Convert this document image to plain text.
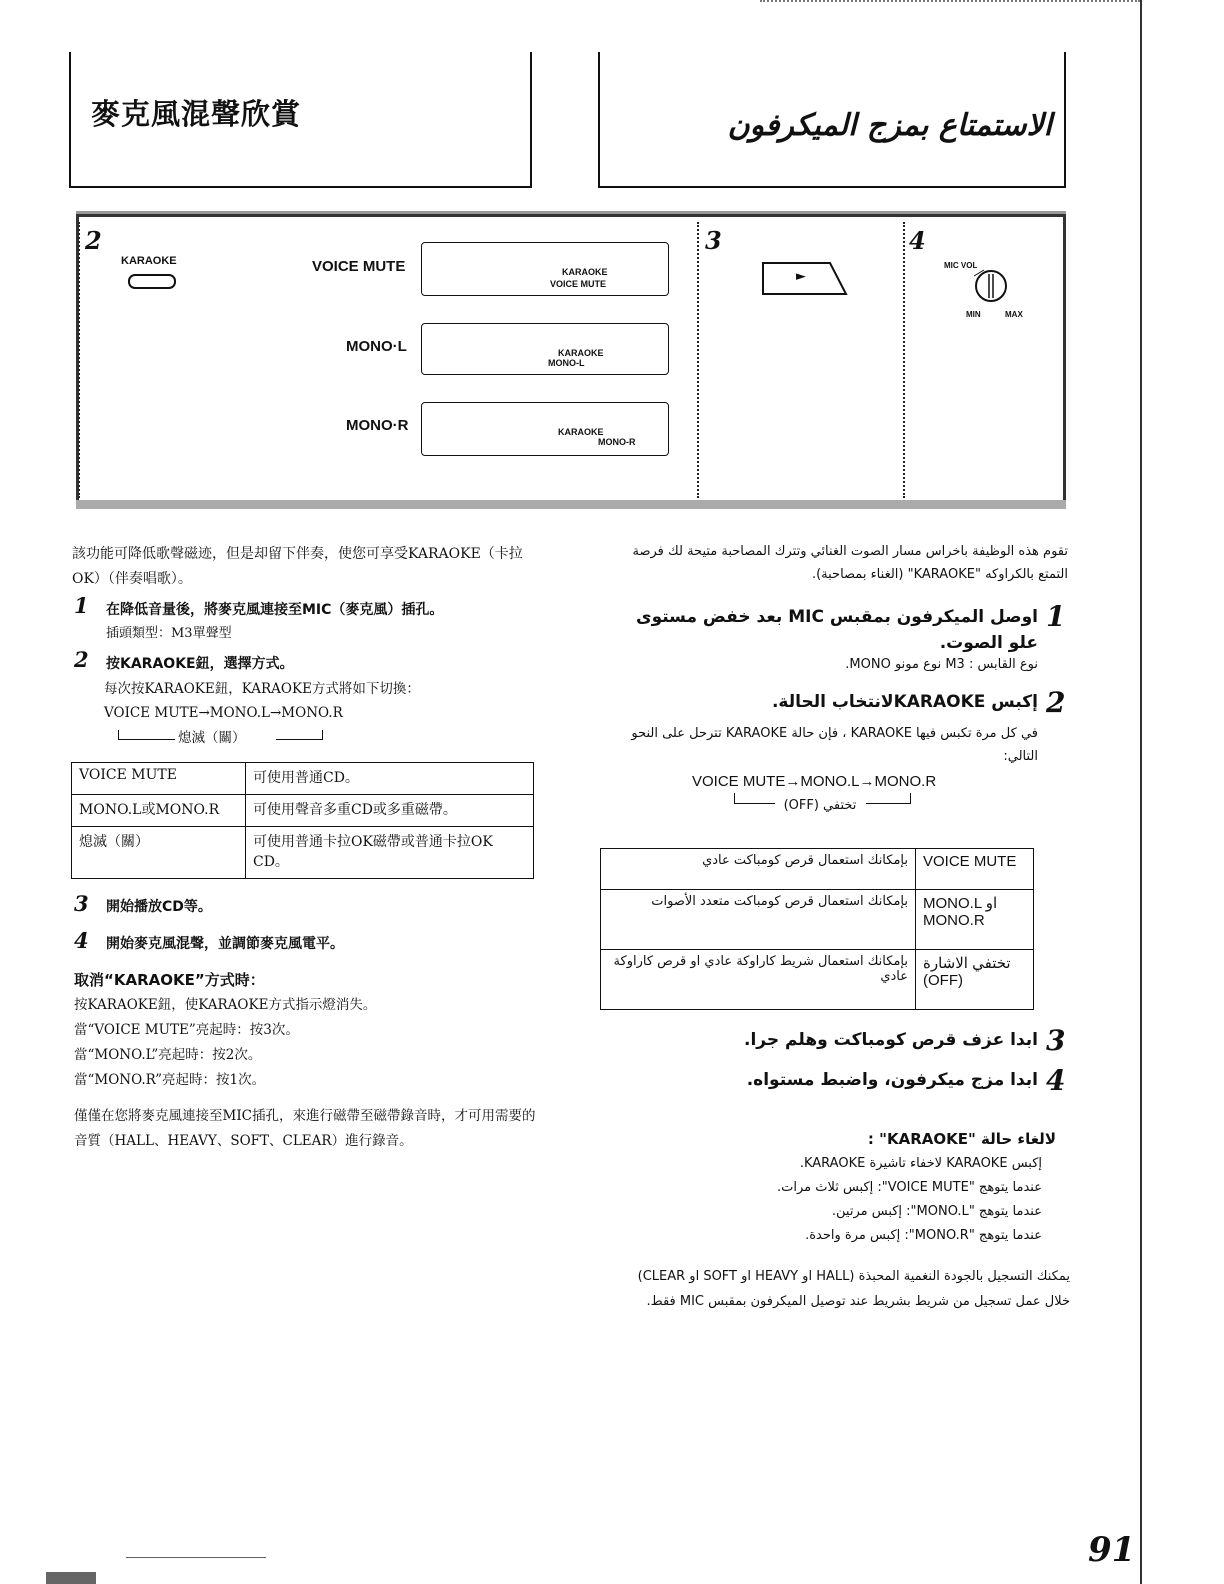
麥克風混聲欣賞	الاستمتاع بمزج الميكرفون
2	3	4
KARAOKE	VOICE MUTE	KARAOKE
VOICE MUTE
MONO·L	KARAOKE
MONO-L
MONO·R	KARAOKE
MONO-R
►
MIC VOL
MIN	MAX
該功能可降低歌聲磁迹，但是却留下伴奏，使您可享受KARAOKE（卡拉OK）（伴奏唱歌）。
1 在降低音量後，將麥克風連接至MIC（麥克風）插孔。
插頭類型：M3單聲型
2 按KARAOKE鈕，選擇方式。
每次按KARAOKE鈕，KARAOKE方式將如下切換：
VOICE MUTE→MONO.L→MONO.R
熄滅（關）
VOICE MUTE	可使用普通CD。
MONO.L或MONO.R	可使用聲音多重CD或多重磁帶。
熄滅（關）	可使用普通卡拉OK磁帶或普通卡拉OK CD。
3 開始播放CD等。
4 開始麥克風混聲，並調節麥克風電平。
取消“KARAOKE”方式時：
按KARAOKE鈕，使KARAOKE方式指示燈消失。
當“VOICE MUTE”亮起時：按3次。
當“MONO.L”亮起時：按2次。
當“MONO.R”亮起時：按1次。
僅僅在您將麥克風連接至MIC插孔，來進行磁帶至磁帶錄音時，才可用需要的音質（HALL、HEAVY、SOFT、CLEAR）進行錄音。
تقوم هذه الوظيفة باخراس مسار الصوت الغنائي وتترك المصاحبة متيحة لك فرصة التمتع بالكراوكه "KARAOKE" (الغناء بمصاحبة).
1
اوصل الميكرفون بمقبس MIC بعد خفض مستوى علو الصوت.
نوع القابس : M3 نوع مونو MONO.
2
إكبس KARAOKEلانتخاب الحالة.
في كل مرة تكبس فيها KARAOKE ، فإن حالة KARAOKE تترحل على النحو التالي:
VOICE MUTE→MONO.L→MONO.R
تختفي (OFF)
بإمكانك استعمال قرص كومباكت عادي	VOICE MUTE
بإمكانك استعمال قرص كومباكت متعدد الأصوات	MONO.L او MONO.R
بإمكانك استعمال شريط كاراوكة عادي او قرص كاراوكة عادي	تختفي الاشارة (OFF)
3
ابدا عزف قرص كومباكت وهلم جرا.
4
ابدا مزج ميكرفون، واضبط مستواه.
لالغاء حالة "KARAOKE" :
إكبس KARAOKE لاخفاء تاشيرة KARAOKE.
عندما يتوهج "VOICE MUTE": إكبس ثلاث مرات.
عندما يتوهج "MONO.L": إكبس مرتين.
عندما يتوهج "MONO.R": إكبس مرة واحدة.
يمكنك التسجيل بالجودة النغمية المحبذة (HALL او HEAVY او SOFT او CLEAR) خلال عمل تسجيل من شريط بشريط عند توصيل الميكرفون بمقبس MIC فقط.
91
